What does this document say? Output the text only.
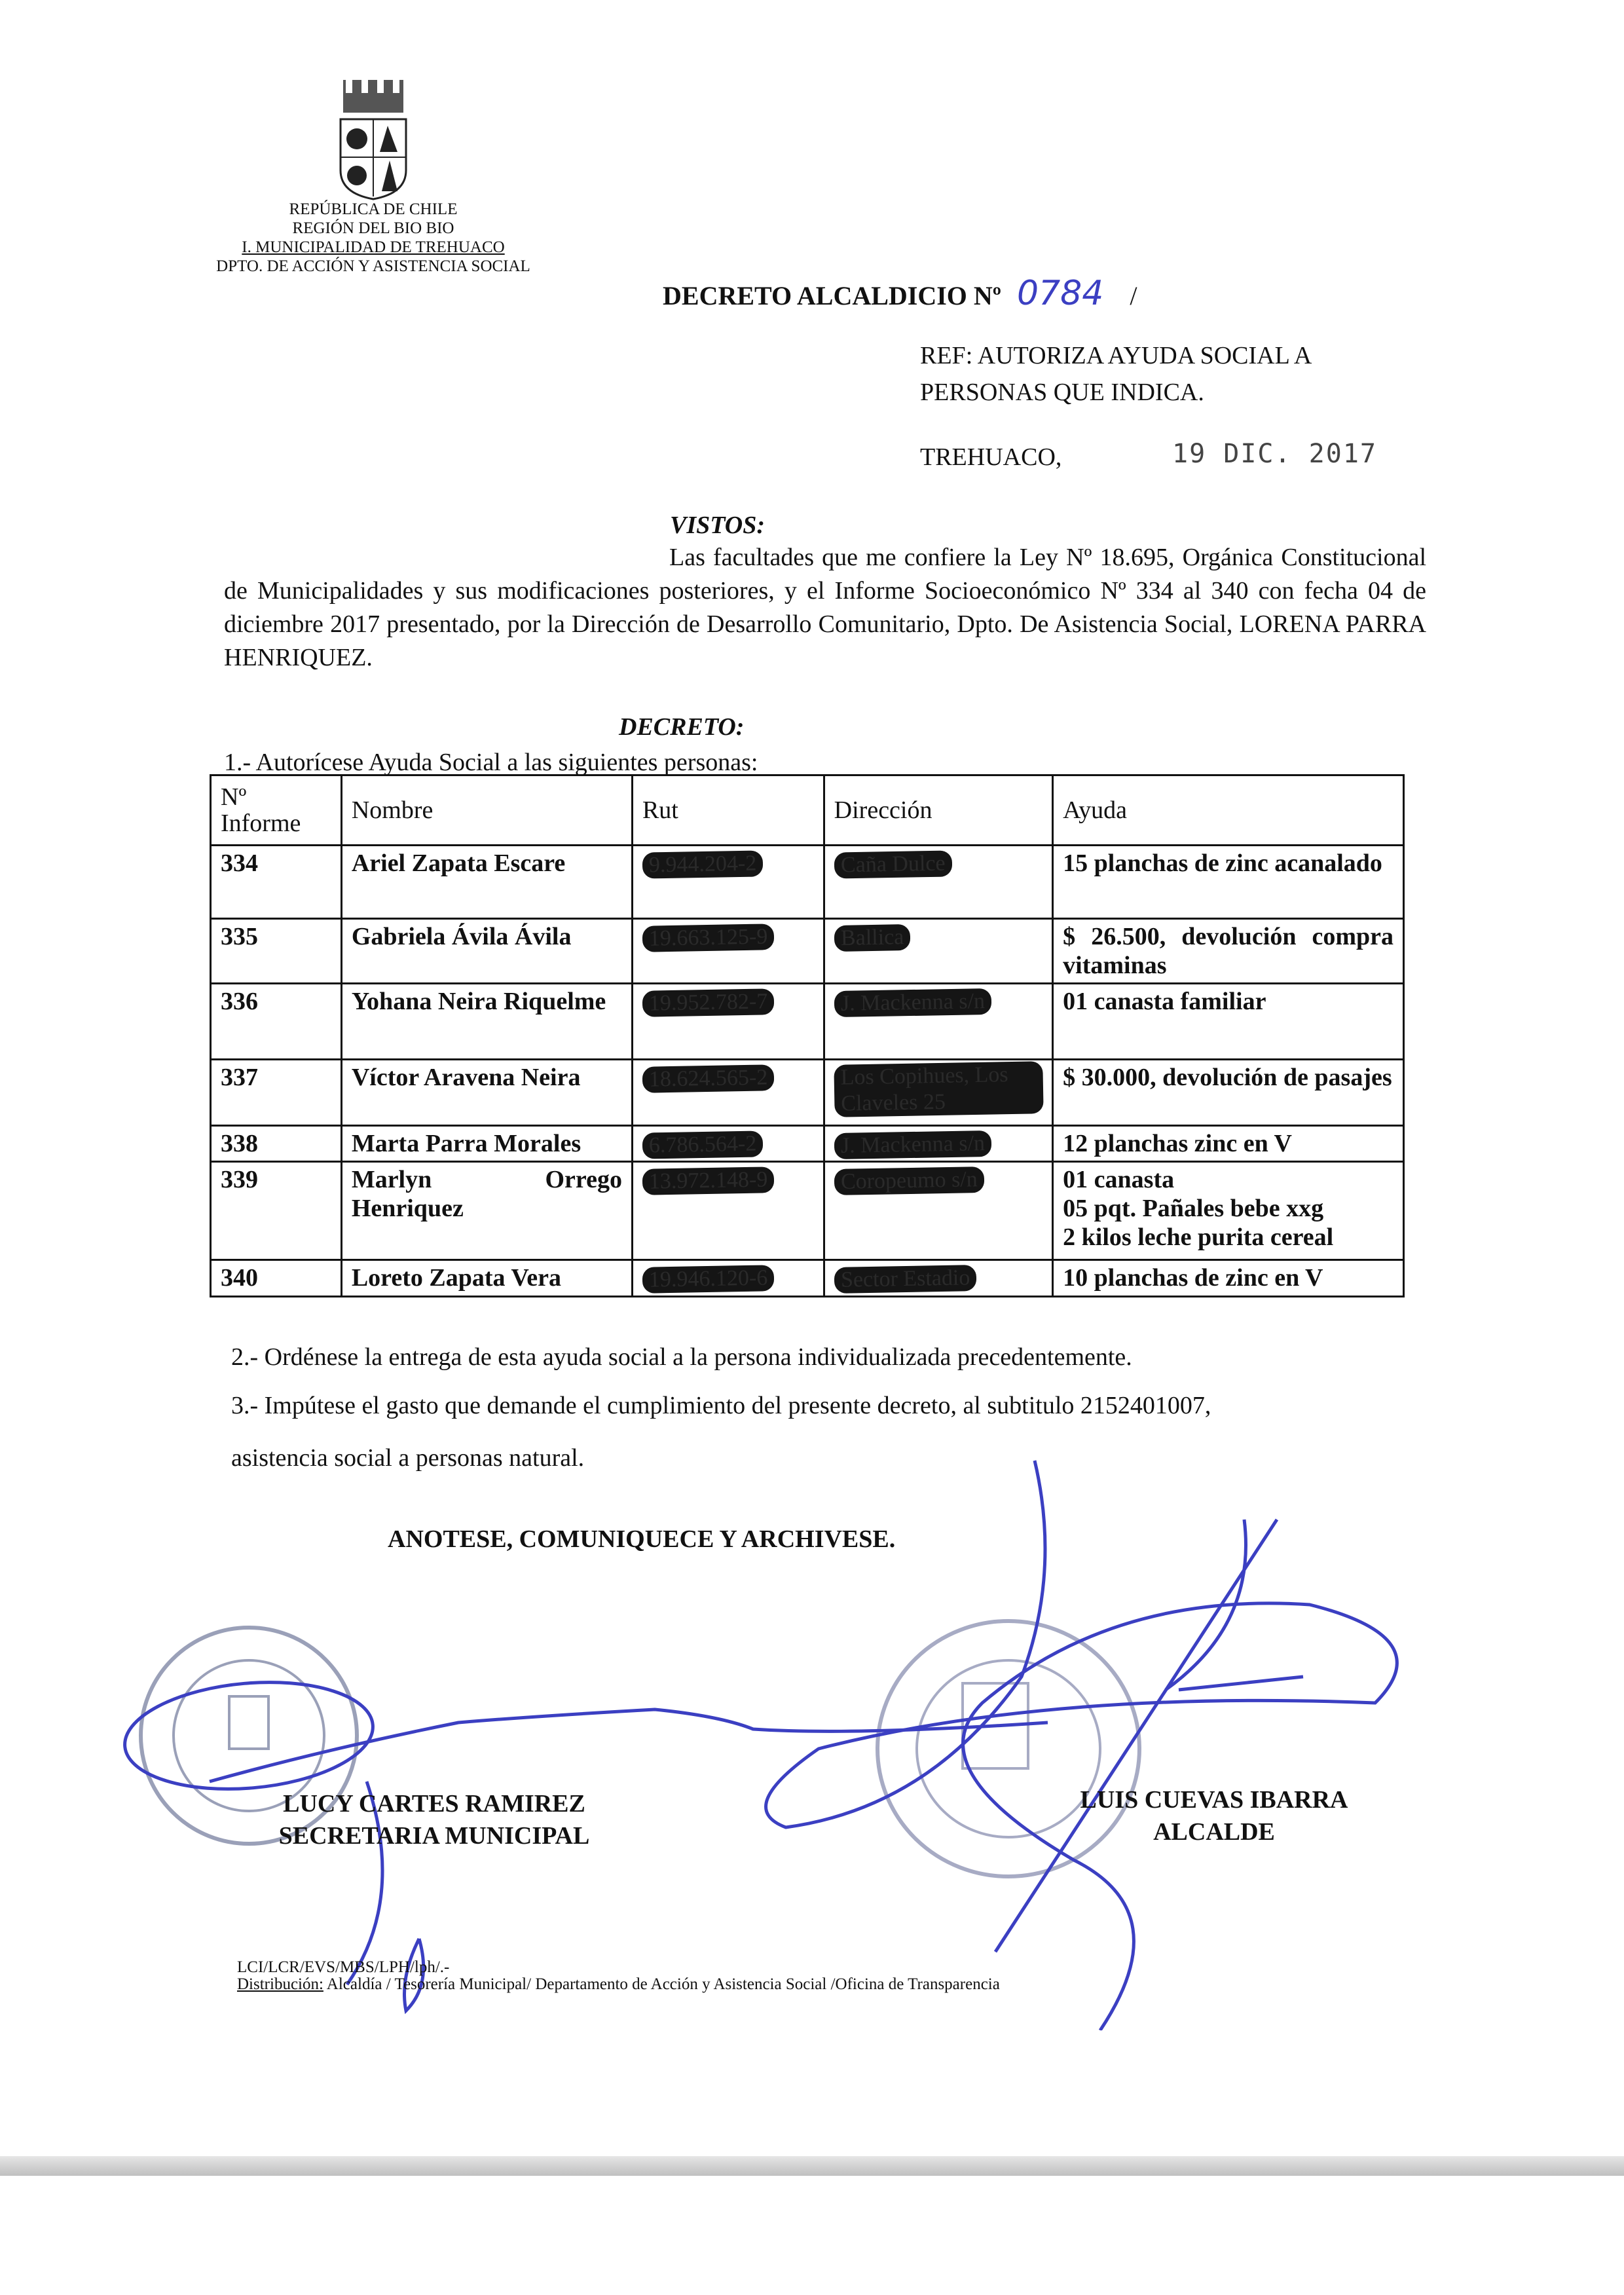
REPÚBLICA DE CHILE
REGIÓN DEL BIO BIO
I. MUNICIPALIDAD DE TREHUACO
DPTO. DE ACCIÓN Y ASISTENCIA SOCIAL
DECRETO ALCALDICIO Nº 0784 /
REF: AUTORIZA AYUDA SOCIAL A
PERSONAS QUE INDICA.
TREHUACO,	19 DIC. 2017
VISTOS:
Las facultades que me confiere la Ley Nº 18.695, Orgánica Constitucional de Municipalidades y sus modificaciones posteriores, y el Informe Socioeconómico Nº 334 al 340 con fecha 04 de diciembre 2017 presentado, por la Dirección de Desarrollo Comunitario, Dpto. De Asistencia Social, LORENA PARRA HENRIQUEZ.
DECRETO:
1.- Autorícese Ayuda Social a las siguientes personas:
Nº Informe	Nombre	Rut	Dirección	Ayuda
334	Ariel Zapata Escare	9.944.204-2	Caña Dulce	15 planchas de zinc acanalado
335	Gabriela Ávila Ávila	19.663.125-9	Ballica	$ 26.500, devolución compra vitaminas
336	Yohana Neira Riquelme	19.952.782-7	J. Mackenna s/n	01 canasta familiar
337	Víctor Aravena Neira	18.624.565-2	Los Copihues, Los Claveles 25	$ 30.000, devolución de pasajes
338	Marta Parra Morales	6.786.564-2	J. Mackenna s/n	12 planchas zinc en V
339	Marlyn Orrego Henriquez	13.972.148-9	Coropeumo s/n	01 canasta
05 pqt. Pañales bebe xxg
2 kilos leche purita cereal

340	Loreto Zapata Vera	19.946.120-6	Sector Estadio	10 planchas de zinc en V
2.- Ordénese la entrega de esta ayuda social a la persona individualizada precedentemente.
3.- Impútese el gasto que demande el cumplimiento del presente decreto, al subtitulo 2152401007,
asistencia social a personas natural.
ANOTESE, COMUNIQUECE Y ARCHIVESE.
LUCY CARTES RAMIREZ
SECRETARIA MUNICIPAL
LUIS CUEVAS IBARRA
ALCALDE
LCI/LCR/EVS/MBS/LPH/lph/.-
Distribución: Alcaldía / Tesorería Municipal/ Departamento de Acción y Asistencia Social /Oficina de Transparencia
